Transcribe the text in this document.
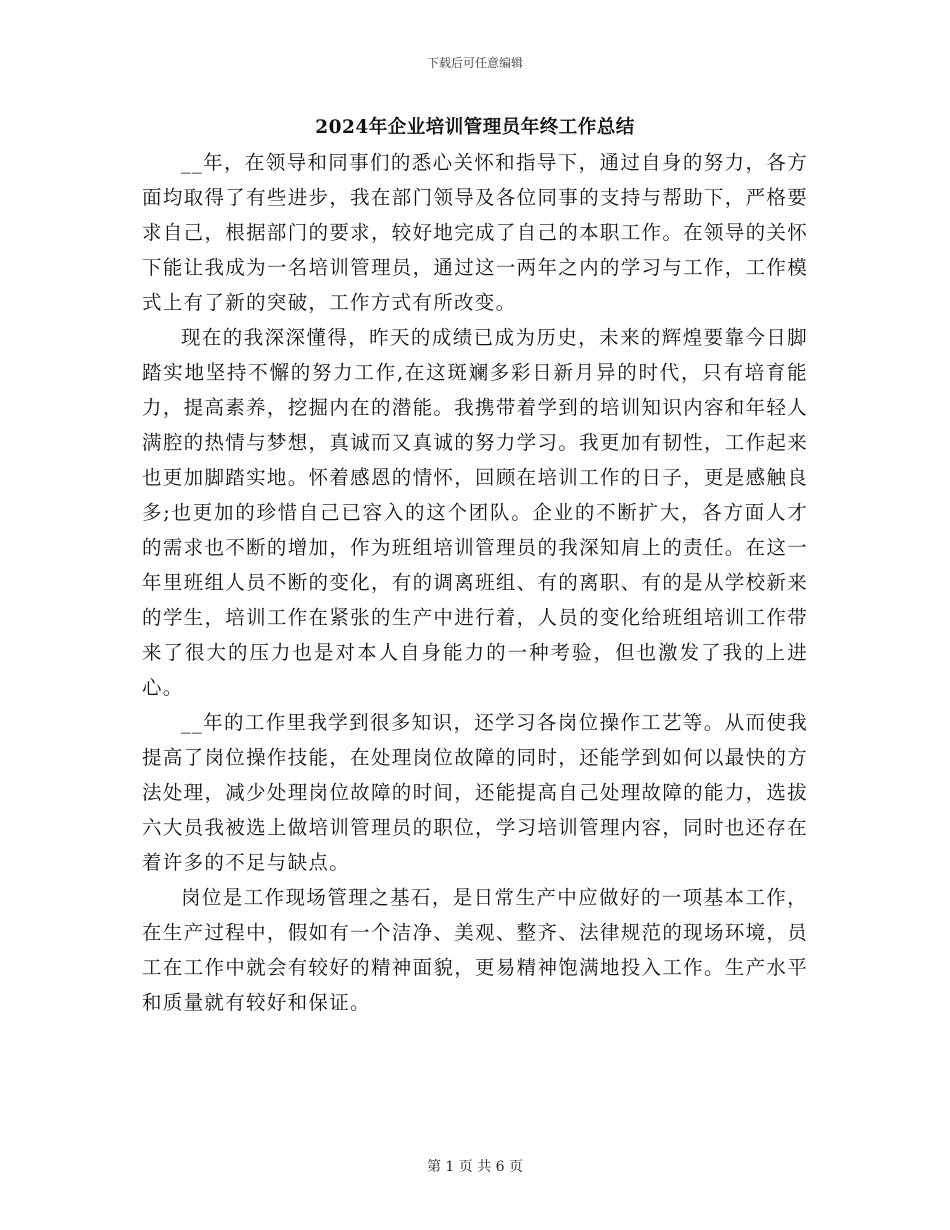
下载后可任意编辑
2024年企业培训管理员年终工作总结

__年，在领导和同事们的悉心关怀和指导下，通过自身的努力，各方面均取得了有些进步，我在部门领导及各位同事的支持与帮助下，严格要求自己，根据部门的要求，较好地完成了自己的本职工作。在领导的关怀下能让我成为一名培训管理员，通过这一两年之内的学习与工作，工作模式上有了新的突破，工作方式有所改变。

现在的我深深懂得，昨天的成绩已成为历史，未来的辉煌要靠今日脚踏实地坚持不懈的努力工作,在这斑斓多彩日新月异的时代，只有培育能力，提高素养，挖掘内在的潜能。我携带着学到的培训知识内容和年轻人满腔的热情与梦想，真诚而又真诚的努力学习。我更加有韧性，工作起来也更加脚踏实地。怀着感恩的情怀，回顾在培训工作的日子，更是感触良多;也更加的珍惜自己已容入的这个团队。企业的不断扩大，各方面人才的需求也不断的增加，作为班组培训管理员的我深知肩上的责任。在这一年里班组人员不断的变化，有的调离班组、有的离职、有的是从学校新来的学生，培训工作在紧张的生产中进行着，人员的变化给班组培训工作带来了很大的压力也是对本人自身能力的一种考验，但也激发了我的上进心。

__年的工作里我学到很多知识，还学习各岗位操作工艺等。从而使我提高了岗位操作技能，在处理岗位故障的同时，还能学到如何以最快的方法处理，减少处理岗位故障的时间，还能提高自己处理故障的能力，选拔六大员我被选上做培训管理员的职位，学习培训管理内容，同时也还存在着许多的不足与缺点。

岗位是工作现场管理之基石，是日常生产中应做好的一项基本工作，在生产过程中，假如有一个洁净、美观、整齐、法律规范的现场环境，员工在工作中就会有较好的精神面貌，更易精神饱满地投入工作。生产水平和质量就有较好和保证。

第 1 页 共 6 页
